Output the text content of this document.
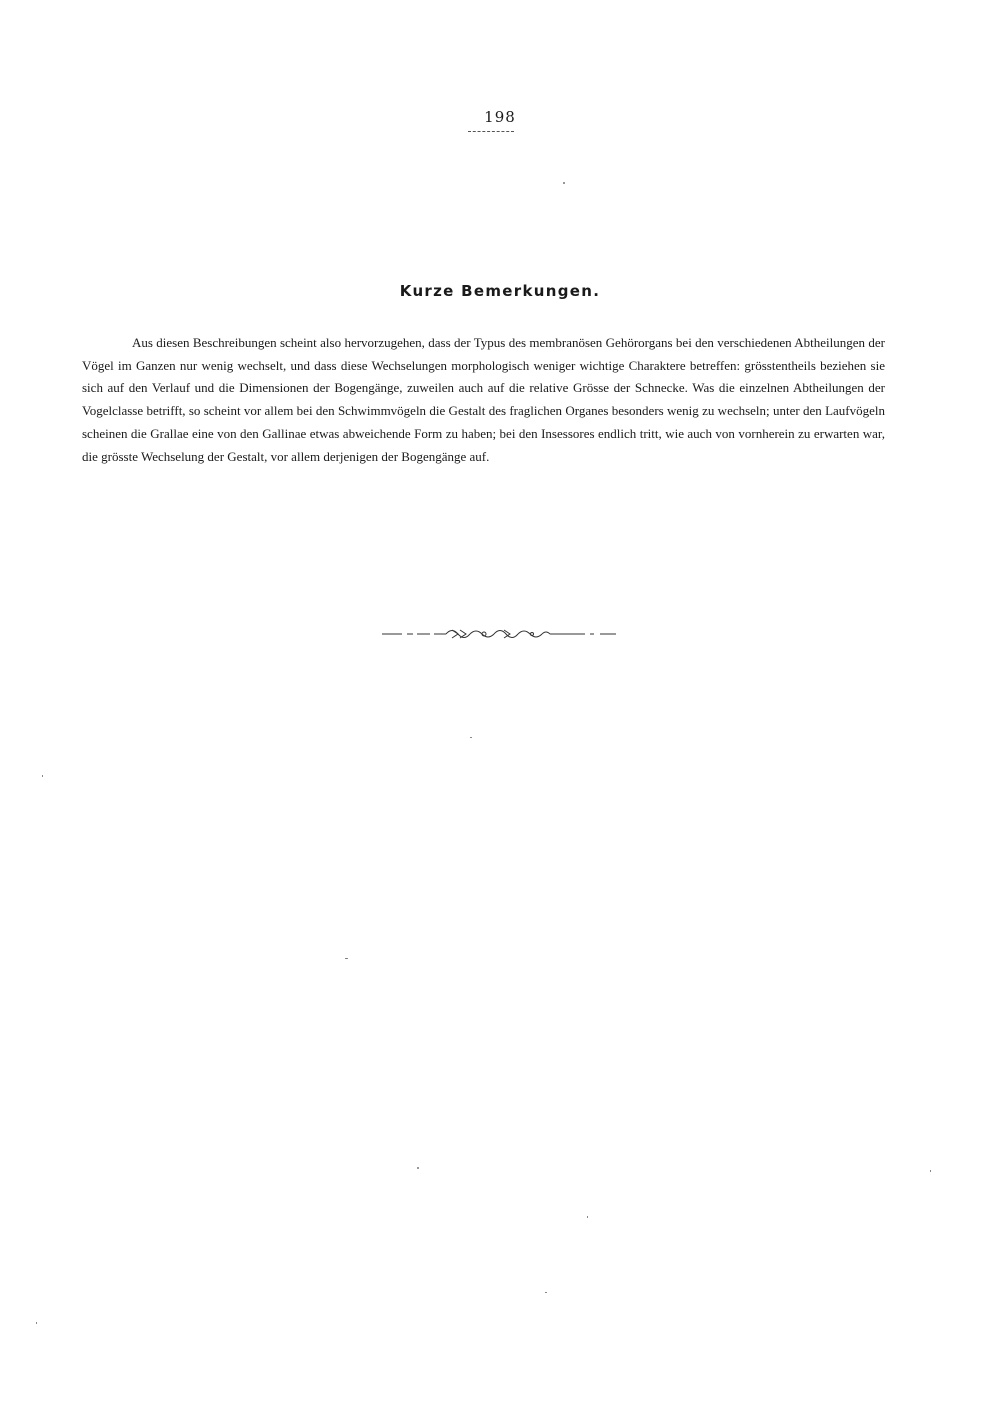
198
Kurze Bemerkungen.

Aus diesen Beschreibungen scheint also hervorzugehen, dass der Typus des membranösen Gehörorgans bei den verschiedenen Abtheilungen der Vögel im Ganzen nur wenig wechselt, und dass diese Wechselungen morphologisch weniger wichtige Charaktere betreffen: grösstentheils beziehen sie sich auf den Verlauf und die Dimensionen der Bogengänge, zuweilen auch auf die relative Grösse der Schnecke. Was die einzelnen Abtheilungen der Vogelclasse betrifft, so scheint vor allem bei den Schwimmvögeln die Gestalt des fraglichen Organes besonders wenig zu wechseln; unter den Laufvögeln scheinen die Grallae eine von den Gallinae etwas abweichende Form zu haben; bei den Insessores endlich tritt, wie auch von vornherein zu erwarten war, die grösste Wechselung der Gestalt, vor allem derjenigen der Bogengänge auf.
